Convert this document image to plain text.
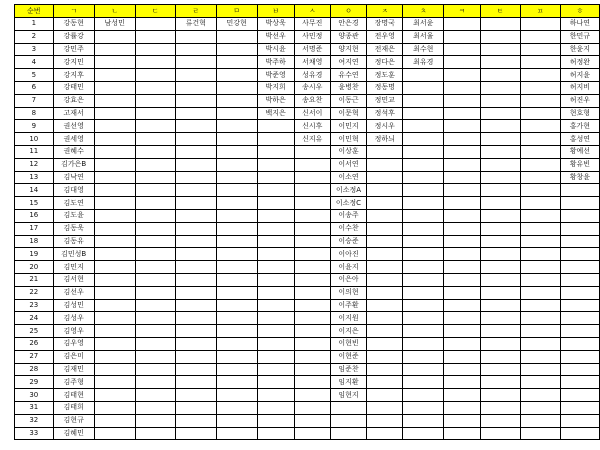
순번	ㄱ	ㄴ	ㄷ	ㄹ	ㅁ	ㅂ	ㅅ	ㅇ	ㅈ	ㅊ	ㅋ	ㅌ	ㅍ	ㅎ
1	강동현	남성민		류건혁	민강현	박상욱	사무진	안은경	장명국	최서윤				하나연
2	강률강					박선우	사민정	양종관	전우영	최서율				한민규
3	강민주					박시윤	서명준	양지현	전재은	최수현				한윤지
4	강지민					박주하	서채영	여지연	정다은	최유경				허정완
5	강지후					박준영	성유경	유수연	정도훈					허지윤
6	강태민					박지희	송시우	윤병찬	정동명					허지비
7	강효은					박하은	송요찬	이동근	정민교					허진우
8	고재서					백지은	신서이	이문혁	정석후					현호형
9	권선영						신시후	이민지	정시우					홍가현
10	권세영						신지유	이민혁	정하늬					홍성연
11	권혜수							이상훈						황예선
12	김가은B							이서연						황유빈
13	김낙연							이소연						황창윤
14	김대영							이소정A						
15	김도연							이소정C						
16	김도윤							이송주						
17	김동욱							이수찬						
18	김동유							이승준						
19	김민성B							이아진						
20	김민지							이윤지						
21	김서현							이은아						
22	김선우							이의현						
23	김성민							이주환						
24	김성우							이지원						
25	김영우							이지은						
26	김우영							이현빈						
27	김은미							이현준						
28	김재민							임준찬						
29	김주형							임지환						
30	김태현							임현지						
31	김태희													
32	김현규													
33	김혜민													
